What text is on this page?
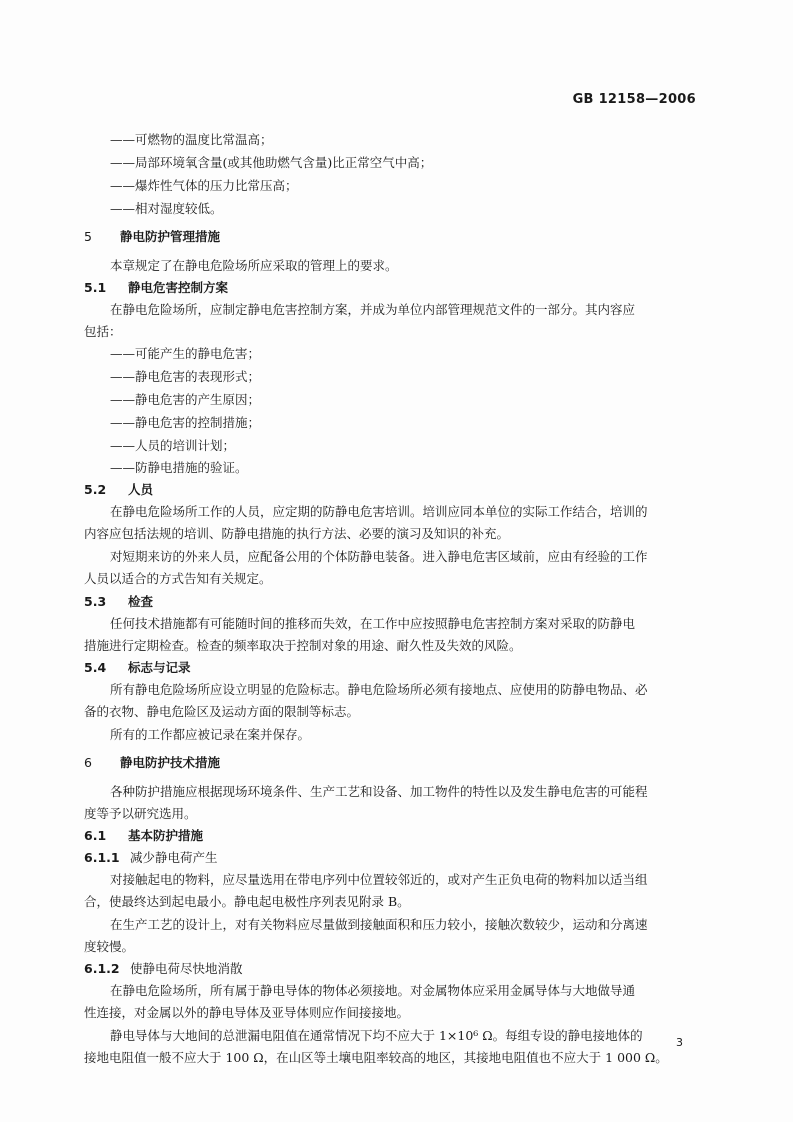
GB 12158—2006
——可燃物的温度比常温高；
——局部环境氧含量(或其他助燃气含量)比正常空气中高；
——爆炸性气体的压力比常压高；
——相对湿度较低。
本章规定了在静电危险场所应采取的管理上的要求。
在静电危险场所，应制定静电危害控制方案，并成为单位内部管理规范文件的一部分。其内容应
包括：
——可能产生的静电危害；
——静电危害的表现形式；
——静电危害的产生原因；
——静电危害的控制措施；
——人员的培训计划；
——防静电措施的验证。
在静电危险场所工作的人员，应定期的防静电危害培训。培训应同本单位的实际工作结合，培训的
内容应包括法规的培训、防静电措施的执行方法、必要的演习及知识的补充。
对短期来访的外来人员，应配备公用的个体防静电装备。进入静电危害区域前，应由有经验的工作
人员以适合的方式告知有关规定。
任何技术措施都有可能随时间的推移而失效，在工作中应按照静电危害控制方案对采取的防静电
措施进行定期检查。检查的频率取决于控制对象的用途、耐久性及失效的风险。
所有静电危险场所应设立明显的危险标志。静电危险场所必须有接地点、应使用的防静电物品、必
备的衣物、静电危险区及运动方面的限制等标志。
所有的工作都应被记录在案并保存。
各种防护措施应根据现场环境条件、生产工艺和设备、加工物件的特性以及发生静电危害的可能程
度等予以研究选用。
对接触起电的物料，应尽量选用在带电序列中位置较邻近的，或对产生正负电荷的物料加以适当组
合，使最终达到起电最小。静电起电极性序列表见附录 B。
在生产工艺的设计上，对有关物料应尽量做到接触面积和压力较小，接触次数较少，运动和分离速
度较慢。
在静电危险场所，所有属于静电导体的物体必须接地。对金属物体应采用金属导体与大地做导通
性连接，对金属以外的静电导体及亚导体则应作间接接地。
静电导体与大地间的总泄漏电阻值在通常情况下均不应大于 1×10⁶ Ω。每组专设的静电接地体的
接地电阻值一般不应大于 100 Ω，在山区等土壤电阻率较高的地区，其接地电阻值也不应大于 1 000 Ω。
5 静电防护管理措施
5.1 静电危害控制方案
5.2 人员
5.3 检查
5.4 标志与记录
6 静电防护技术措施
6.1 基本防护措施
6.1.1 减少静电荷产生
6.1.2 使静电荷尽快地消散
3
